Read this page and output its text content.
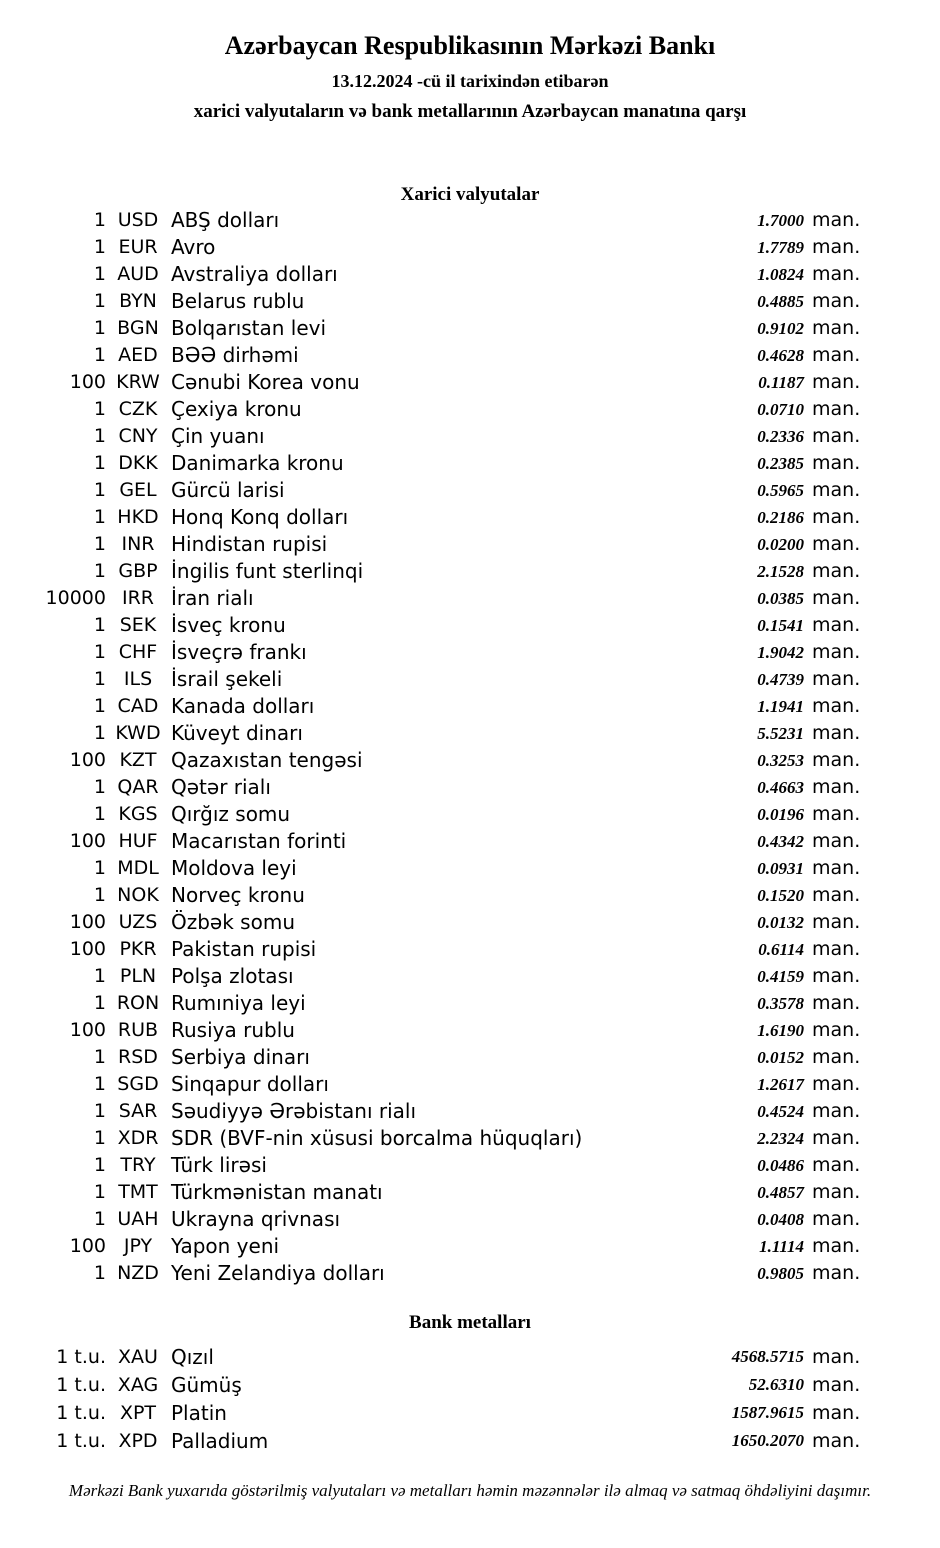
Azərbaycan Respublikasının Mərkəzi Bankı
13.12.2024 -cü il tarixindən etibarən
xarici valyutaların və bank metallarının Azərbaycan manatına qarşı
Xarici valyutalar
1 USD ABŞ dolları	1.7000 man.
1 EUR Avro	1.7789 man.
1 AUD Avstraliya dolları	1.0824 man.
1 BYN Belarus rublu	0.4885 man.
1 BGN Bolqarıstan levi	0.9102 man.
1 AED BƏƏ dirhəmi	0.4628 man.
100 KRW Cənubi Korea vonu	0.1187 man.
1 CZK Çexiya kronu	0.0710 man.
1 CNY Çin yuanı	0.2336 man.
1 DKK Danimarka kronu	0.2385 man.
1 GEL Gürcü larisi	0.5965 man.
1 HKD Honq Konq dolları	0.2186 man.
1 INR Hindistan rupisi	0.0200 man.
1 GBP İngilis funt sterlinqi	2.1528 man.
10000 IRR İran rialı	0.0385 man.
1 SEK İsveç kronu	0.1541 man.
1 CHF İsveçrə frankı	1.9042 man.
1 ILS İsrail şekeli	0.4739 man.
1 CAD Kanada dolları	1.1941 man.
1 KWD Küveyt dinarı	5.5231 man.
100 KZT Qazaxıstan tengəsi	0.3253 man.
1 QAR Qətər rialı	0.4663 man.
1 KGS Qırğız somu	0.0196 man.
100 HUF Macarıstan forinti	0.4342 man.
1 MDL Moldova leyi	0.0931 man.
1 NOK Norveç kronu	0.1520 man.
100 UZS Özbək somu	0.0132 man.
100 PKR Pakistan rupisi	0.6114 man.
1 PLN Polşa zlotası	0.4159 man.
1 RON Rumıniya leyi	0.3578 man.
100 RUB Rusiya rublu	1.6190 man.
1 RSD Serbiya dinarı	0.0152 man.
1 SGD Sinqapur dolları	1.2617 man.
1 SAR Səudiyyə Ərəbistanı rialı	0.4524 man.
1 XDR SDR (BVF-nin xüsusi borcalma hüquqları)	2.2324 man.
1 TRY Türk lirəsi	0.0486 man.
1 TMT Türkmənistan manatı	0.4857 man.
1 UAH Ukrayna qrivnası	0.0408 man.
100 JPY Yapon yeni	1.1114 man.
1 NZD Yeni Zelandiya dolları	0.9805 man.
Bank metalları
1 t.u. XAU Qızıl	4568.5715 man.
1 t.u. XAG Gümüş	52.6310 man.
1 t.u. XPT Platin	1587.9615 man.
1 t.u. XPD Palladium	1650.2070 man.
Mərkəzi Bank yuxarıda göstərilmiş valyutaları və metalları həmin məzənnələr ilə almaq və satmaq öhdəliyini daşımır.
